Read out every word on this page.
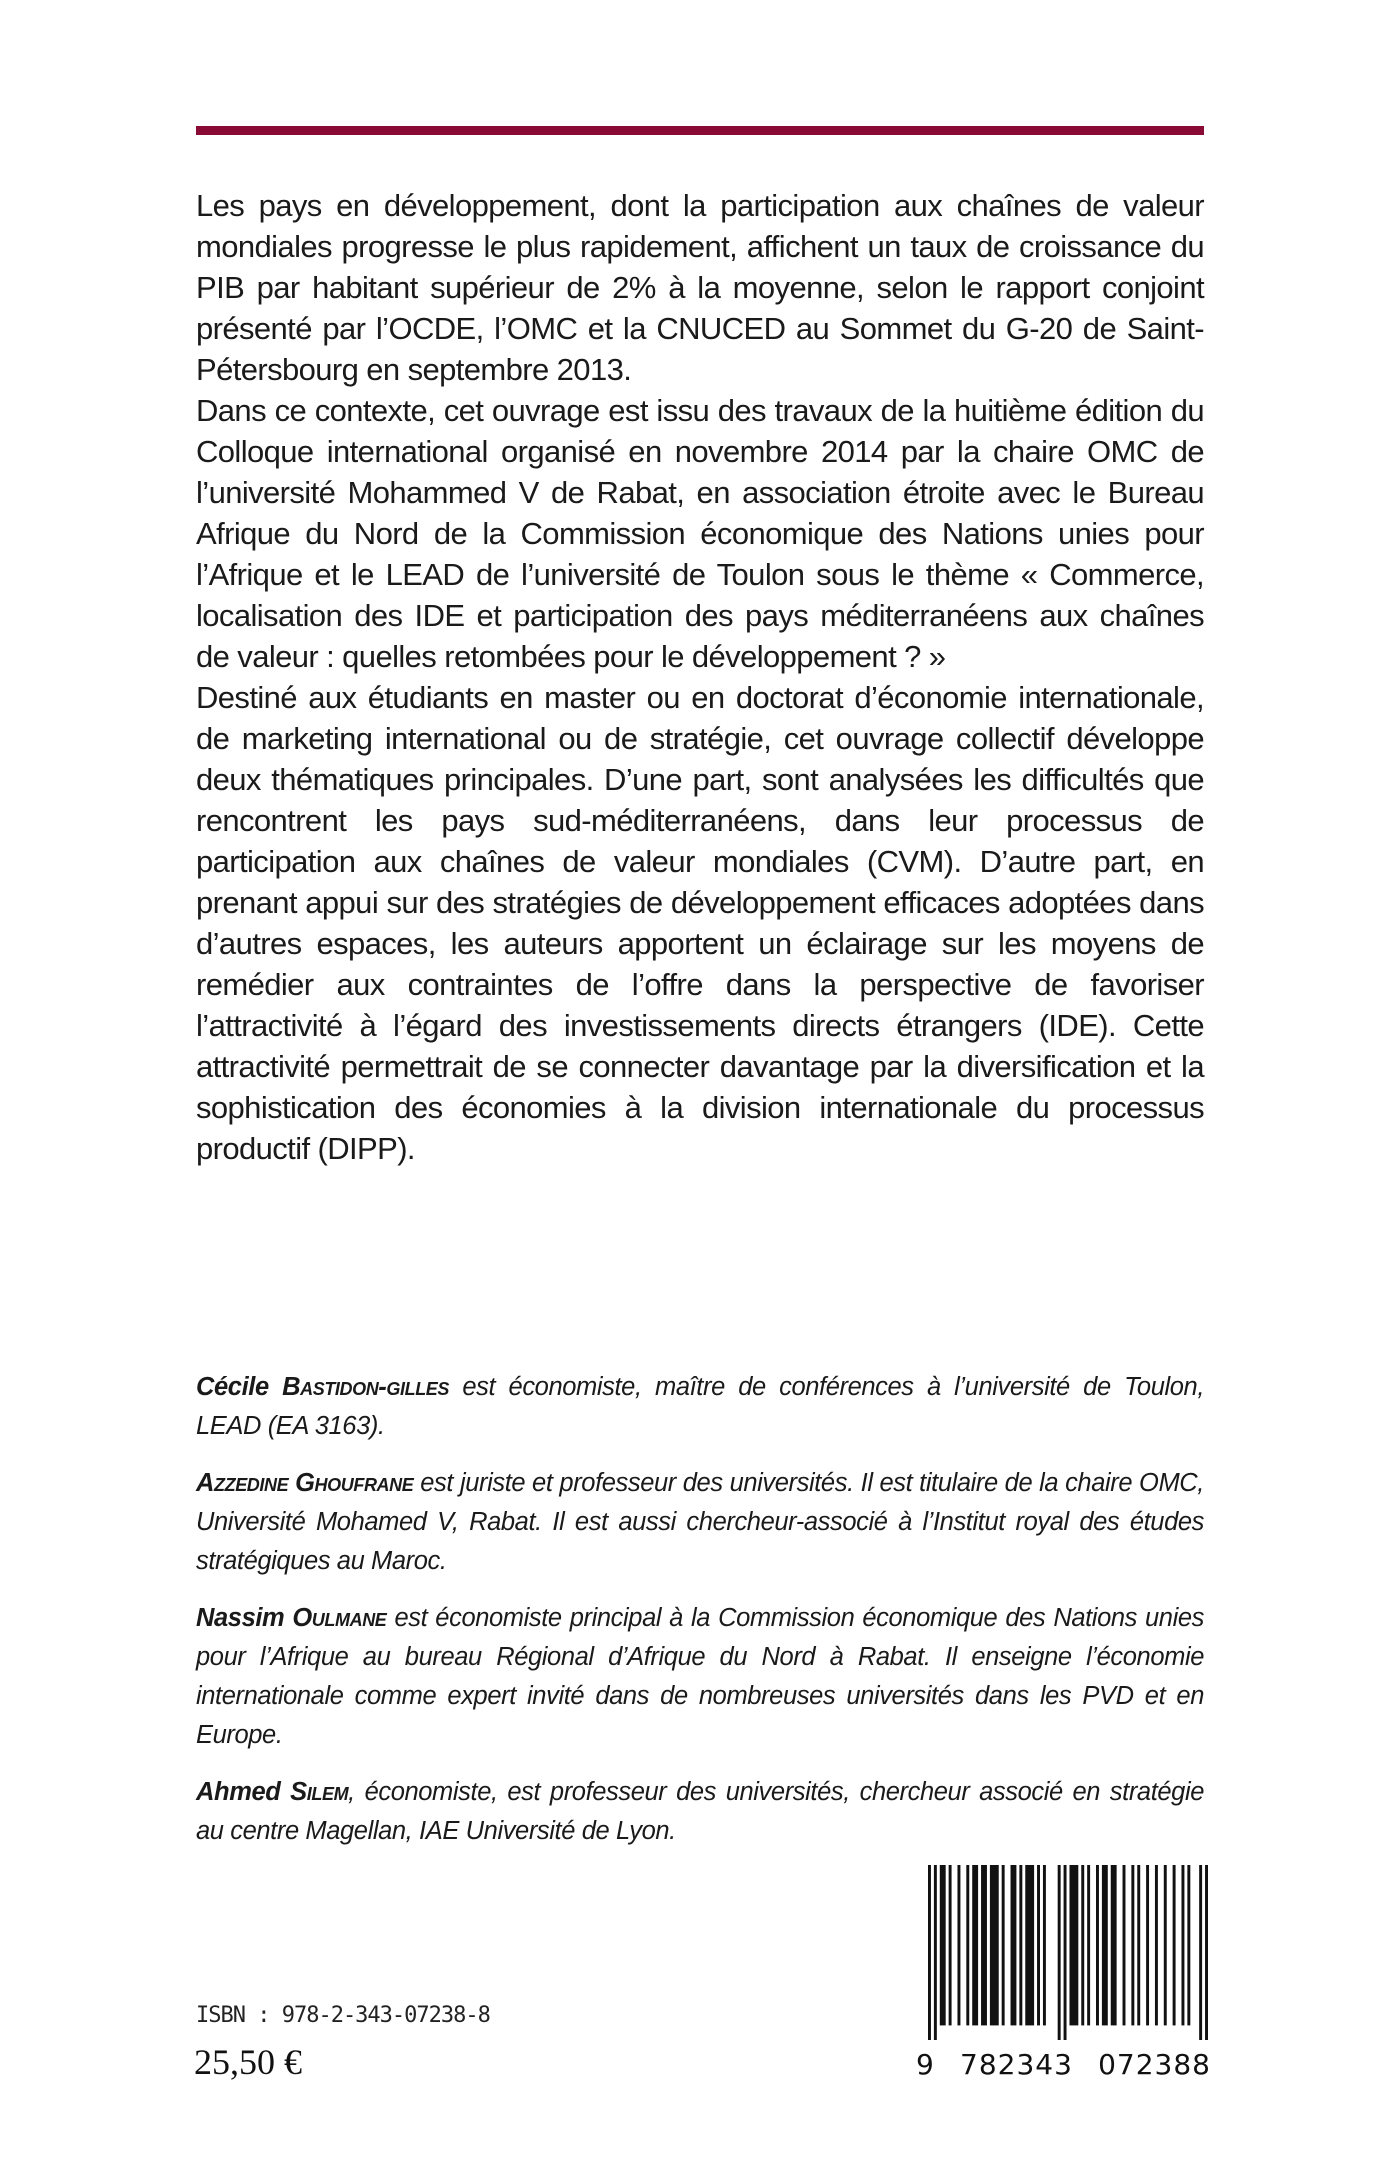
Les pays en développement, dont la participation aux chaînes de valeur mondiales progresse le plus rapidement, affichent un taux de croissance du PIB par habitant supérieur de 2% à la moyenne, selon le rapport conjoint présenté par l’OCDE, l’OMC et la CNUCED au Sommet du G-20 de Saint-Pétersbourg en septembre 2013.

Dans ce contexte, cet ouvrage est issu des travaux de la huitième édition du Colloque international organisé en novembre 2014 par la chaire OMC de l’université Mohammed V de Rabat, en association étroite avec le Bureau Afrique du Nord de la Commission économique des Nations unies pour l’Afrique et le LEAD de l’université de Toulon sous le thème « Commerce, localisation des IDE et participation des pays méditerranéens aux chaînes de valeur : quelles retombées pour le développement ? »

Destiné aux étudiants en master ou en doctorat d’économie internationale, de marketing international ou de stratégie, cet ouvrage collectif développe deux thématiques principales. D’une part, sont analysées les difficultés que rencontrent les pays sud-méditerranéens, dans leur processus de participation aux chaînes de valeur mondiales (CVM). D’autre part, en prenant appui sur des stratégies de développement efficaces adoptées dans d’autres espaces, les auteurs apportent un éclairage sur les moyens de remédier aux contraintes de l’offre dans la perspective de favoriser l’attractivité à l’égard des investissements directs étrangers (IDE). Cette attractivité permettrait de se connecter davantage par la diversification et la sophistication des économies à la division internationale du processus productif (DIPP).

Cécile Bastidon-gilles est économiste, maître de conférences à l’université de Toulon, LEAD (EA 3163).

Azzedine Ghoufrane est juriste et professeur des universités. Il est titulaire de la chaire OMC, Université Mohamed V, Rabat. Il est aussi chercheur-associé à l’Institut royal des études stratégiques au Maroc.

Nassim Oulmane est économiste principal à la Commission économique des Nations unies pour l’Afrique au bureau Régional d’Afrique du Nord à Rabat. Il enseigne l’économie internationale comme expert invité dans de nombreuses universités dans les PVD et en Europe.

Ahmed Silem, économiste, est professeur des universités, chercheur associé en stratégie au centre Magellan, IAE Université de Lyon.

ISBN : 978-2-343-07238-8
25,50 €	9 782343 072388
